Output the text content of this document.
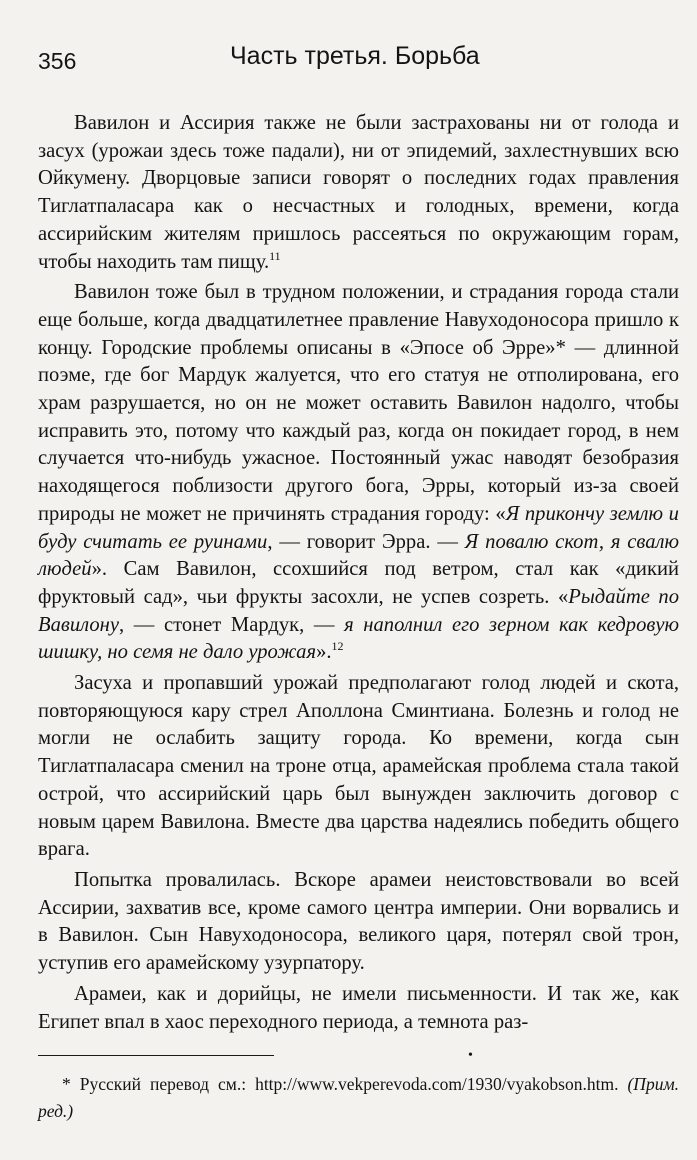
356	Часть третья. Борьба

Вавилон и Ассирия также не были застрахованы ни от голода и засух (урожаи здесь тоже падали), ни от эпидемий, захлестнувших всю Ойкумену. Дворцовые записи говорят о последних годах правления Тиглатпаласара как о несчастных и голодных, времени, когда ассирийским жителям пришлось рассеяться по окружающим горам, чтобы находить там пищу.$^{11}$

Вавилон тоже был в трудном положении, и страдания города стали еще больше, когда двадцатилетнее правление Навуходоносора пришло к концу. Городские проблемы описаны в «Эпосе об Эрре»* — длинной поэме, где бог Мардук жалуется, что его статуя не отполирована, его храм разрушается, но он не может оставить Вавилон надолго, чтобы исправить это, потому что каждый раз, когда он покидает город, в нем случается что-нибудь ужасное. Постоянный ужас наводят безобразия находящегося поблизости другого бога, Эрры, который из-за своей природы не может не причинять страдания городу: «Я прикончу землю и буду считать ее руинами, — говорит Эрра. — Я повалю скот, я свалю людей». Сам Вавилон, ссохшийся под ветром, стал как «дикий фруктовый сад», чьи фрукты засохли, не успев созреть. «Рыдайте по Вавилону, — стонет Мардук, — я наполнил его зерном как кедровую шишку, но семя не дало урожая».$^{12}$

Засуха и пропавший урожай предполагают голод людей и скота, повторяющуюся кару стрел Аполлона Сминтиана. Болезнь и голод не могли не ослабить защиту города. Ко времени, когда сын Тиглатпаласара сменил на троне отца, арамейская проблема стала такой острой, что ассирийский царь был вынужден заключить договор с новым царем Вавилона. Вместе два царства надеялись победить общего врага.

Попытка провалилась. Вскоре арамеи неистовствовали во всей Ассирии, захватив все, кроме самого центра империи. Они ворвались и в Вавилон. Сын Навуходоносора, великого царя, потерял свой трон, уступив его арамейскому узурпатору.

Арамеи, как и дорийцы, не имели письменности. И так же, как Египет впал в хаос переходного периода, а темнота раз-

•
* Русский перевод см.: http://www.vekperevoda.com/1930/vyakobson.htm. (Прим. ред.)
